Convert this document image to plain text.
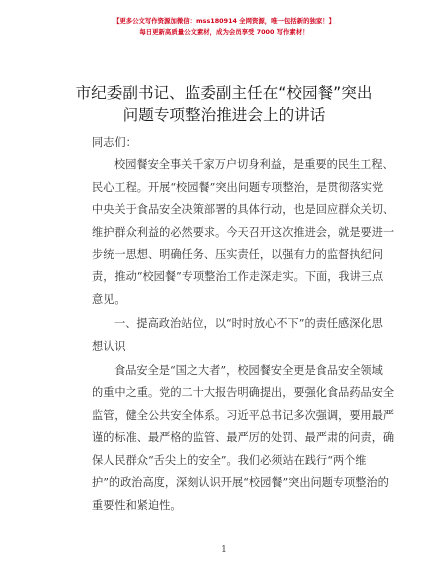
【更多公文写作资源加微信：mss180914 全网资源，唯一包括新的独家！】
每日更新高质量公文素材，成为会员享受 7000 写作素材！
市纪委副书记、监委副主任在“校园餐”突出
问题专项整治推进会上的讲话
同志们：
校园餐安全事关千家万户切身利益，是重要的民生工程、
民心工程。开展“校园餐”突出问题专项整治，是贯彻落实党
中央关于食品安全决策部署的具体行动，也是回应群众关切、
维护群众利益的必然要求。今天召开这次推进会，就是要进一
步统一思想、明确任务、压实责任，以强有力的监督执纪问
责，推动“校园餐”专项整治工作走深走实。下面，我讲三点
意见。
一、提高政治站位，以“时时放心不下”的责任感深化思
想认识
食品安全是“国之大者”，校园餐安全更是食品安全领域
的重中之重。党的二十大报告明确提出，要强化食品药品安全
监管，健全公共安全体系。习近平总书记多次强调，要用最严
谨的标准、最严格的监管、最严厉的处罚、最严肃的问责，确
保人民群众“舌尖上的安全”。我们必须站在践行“两个维
护”的政治高度，深刻认识开展“校园餐”突出问题专项整治的
重要性和紧迫性。
1
